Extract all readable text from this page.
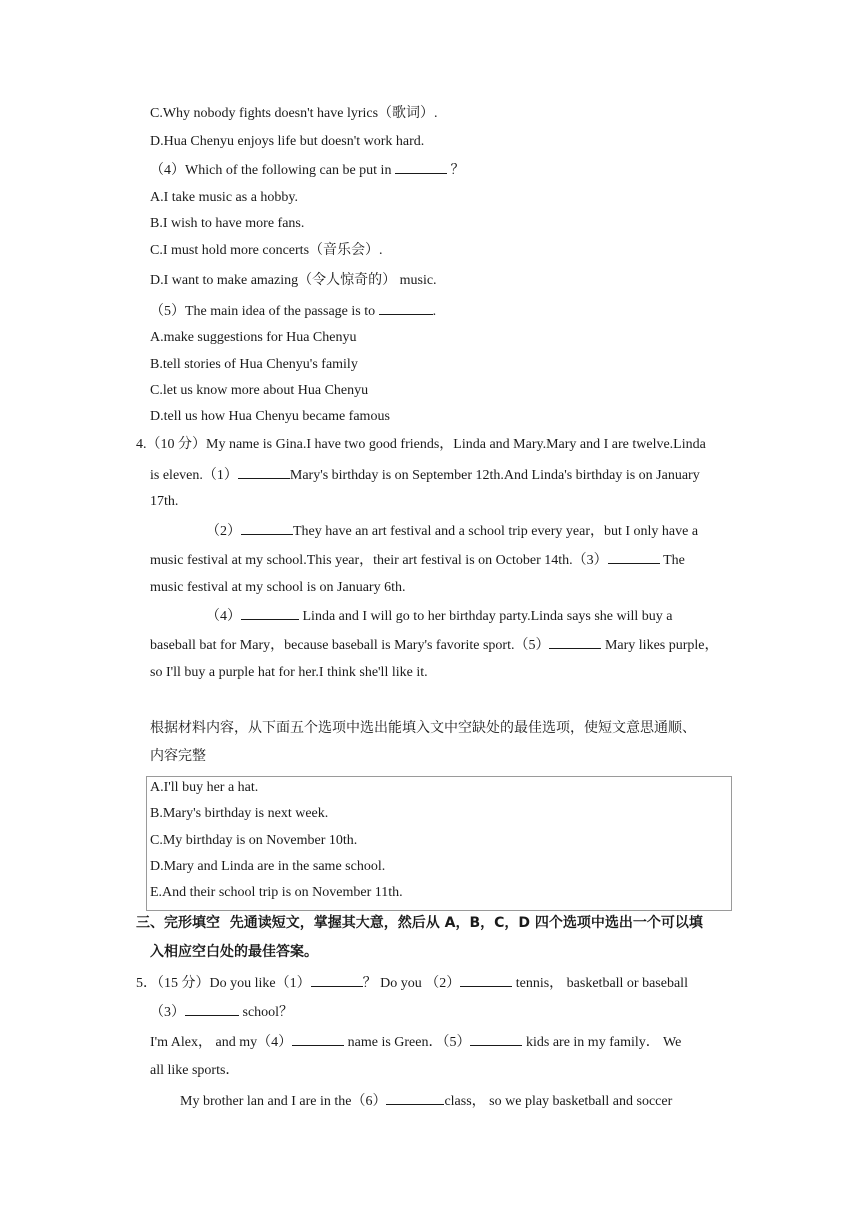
C.Why nobody fights doesn't have lyrics（歌词）.
D.Hua Chenyu enjoys life but doesn't work hard.
（4）Which of the following can be put in	？
A.I take music as a hobby.
B.I wish to have more fans.
C.I must hold more concerts（音乐会）.
D.I want to make amazing（令人惊奇的） music.
（5）The main idea of the passage is to	.
A.make suggestions for Hua Chenyu
B.tell stories of Hua Chenyu's family
C.let us know more about Hua Chenyu
D.tell us how Hua Chenyu became famous
4.（10 分）My name is Gina.I have two good friends，Linda and Mary.Mary and I are twelve.Linda
is eleven.（1）	Mary's birthday is on September 12th.And Linda's birthday is on January
17th.
（2）	They have an art festival and a school trip every year，but I only have a
music festival at my school.This year，their art festival is on October 14th.（3）	The
music festival at my school is on January 6th.
（4）	Linda and I will go to her birthday party.Linda says she will buy a
baseball bat for Mary，because baseball is Mary's favorite sport.（5）	Mary likes purple，
so I'll buy a purple hat for her.I think she'll like it.
根据材料内容，从下面五个选项中选出能填入文中空缺处的最佳选项，使短文意思通顺、
内容完整
A.I'll buy her a hat.
B.Mary's birthday is next week.
C.My birthday is on November 10th.
D.Mary and Linda are in the same school.
E.And their school trip is on November 11th.
三、完形填空  先通读短文，掌握其大意，然后从 A，B，C，D 四个选项中选出一个可以填
入相应空白处的最佳答案。
5．（15 分）Do you like（1）	？ Do you （2）	tennis， basketball or baseball
（3）	school？
I'm Alex， and my（4）	name is Green．（5）	kids are in my family． We
all like sports．
My brother lan and I are in the（6）	class， so we play basketball and soccer
